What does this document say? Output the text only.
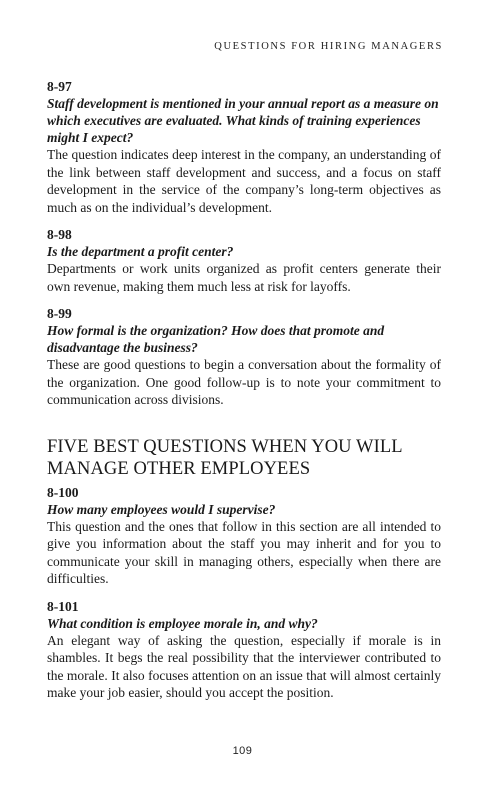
QUESTIONS FOR HIRING MANAGERS

8-97

Staff development is mentioned in your annual report as a measure on which executives are evaluated. What kinds of training experiences might I expect?

The question indicates deep interest in the company, an understanding of the link between staff development and success, and a focus on staff development in the service of the company’s long-term objectives as much as on the individual’s development.

8-98

Is the department a profit center?

Departments or work units organized as profit centers generate their own revenue, making them much less at risk for layoffs.

8-99

How formal is the organization? How does that promote and disadvantage the business?

These are good questions to begin a conversation about the formality of the organization. One good follow-up is to note your commitment to communication across divisions.

FIVE BEST QUESTIONS WHEN YOU WILL MANAGE OTHER EMPLOYEES

8-100

How many employees would I supervise?

This question and the ones that follow in this section are all intended to give you information about the staff you may inherit and for you to communicate your skill in managing others, especially when there are difficulties.

8-101

What condition is employee morale in, and why?

An elegant way of asking the question, especially if morale is in shambles. It begs the real possibility that the interviewer contributed to the morale. It also focuses attention on an issue that will almost certainly make your job easier, should you accept the position.

109
